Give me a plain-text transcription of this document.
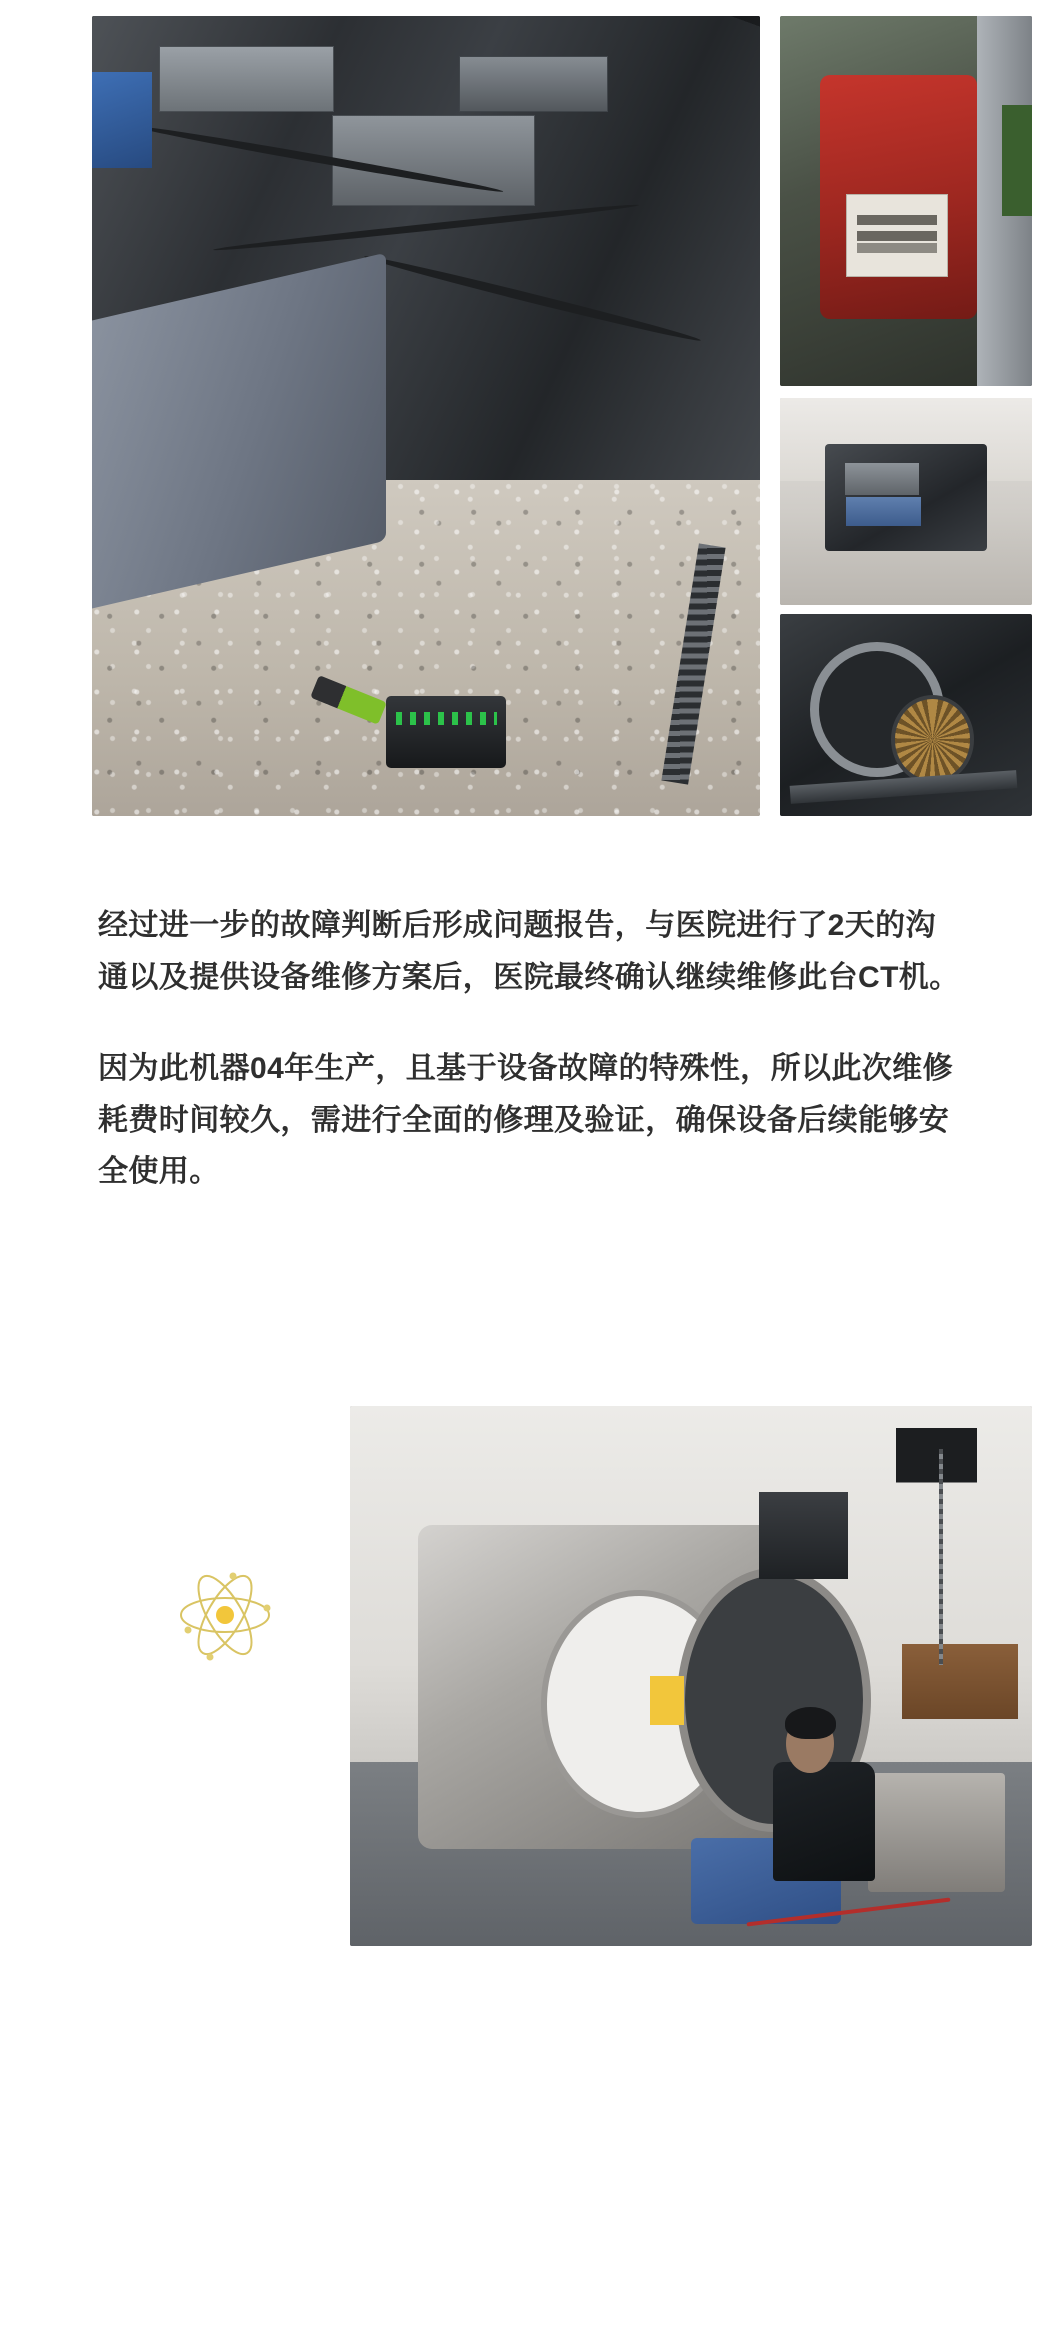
经过进一步的故障判断后形成问题报告，与医院进行了2天的沟通以及提供设备维修方案后，医院最终确认继续维修此台CT机。

因为此机器04年生产，且基于设备故障的特殊性，所以此次维修耗费时间较久，需进行全面的修理及验证，确保设备后续能够安全使用。
